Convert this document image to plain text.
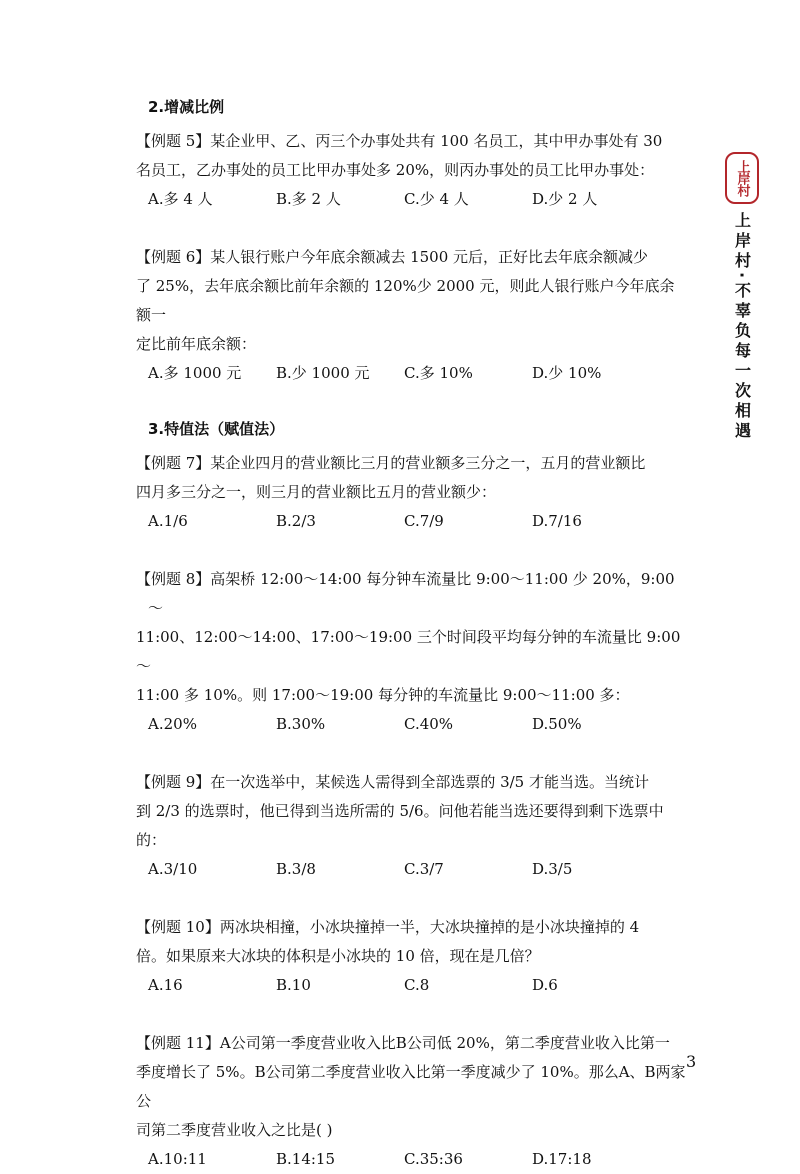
2.增减比例

【例题 5】某企业甲、乙、丙三个办事处共有 100 名员工，其中甲办事处有 30

名员工，乙办事处的员工比甲办事处多 20%，则丙办事处的员工比甲办事处：

A.多 4 人	B.多 2 人	C.少 4 人	D.少 2 人

【例题 6】某人银行账户今年底余额减去 1500 元后，正好比去年底余额减少

了 25%，去年底余额比前年余额的 120%少 2000 元，则此人银行账户今年底余额一

定比前年底余额：

A.多 1000 元	B.少 1000 元	C.多 10%	D.少 10%
3.特值法（赋值法）

【例题 7】某企业四月的营业额比三月的营业额多三分之一，五月的营业额比

四月多三分之一，则三月的营业额比五月的营业额少：

A.1/6	B.2/3	C.7/9	D.7/16

【例题 8】高架桥 12:00～14:00 每分钟车流量比 9:00～11:00 少 20%，9:00～

11:00、12:00～14:00、17:00～19:00 三个时间段平均每分钟的车流量比 9:00～

11:00 多 10%。则 17:00～19:00 每分钟的车流量比 9:00～11:00 多：

A.20%	B.30%	C.40%	D.50%

【例题 9】在一次选举中，某候选人需得到全部选票的 3/5 才能当选。当统计

到 2/3 的选票时，他已得到当选所需的 5/6。问他若能当选还要得到剩下选票中

的：

A.3/10	B.3/8	C.3/7	D.3/5

【例题 10】两冰块相撞，小冰块撞掉一半，大冰块撞掉的是小冰块撞掉的 4

倍。如果原来大冰块的体积是小冰块的 10 倍，现在是几倍？

A.16	B.10	C.8	D.6

【例题 11】A公司第一季度营业收入比B公司低 20%，第二季度营业收入比第一

季度增长了 5%。B公司第二季度营业收入比第一季度减少了 10%。那么A、B两家公

司第二季度营业收入之比是( )

A.10:11	B.14:15	C.35:36	D.17:18
上岸村
上岸村·不辜负每一次相遇
3
